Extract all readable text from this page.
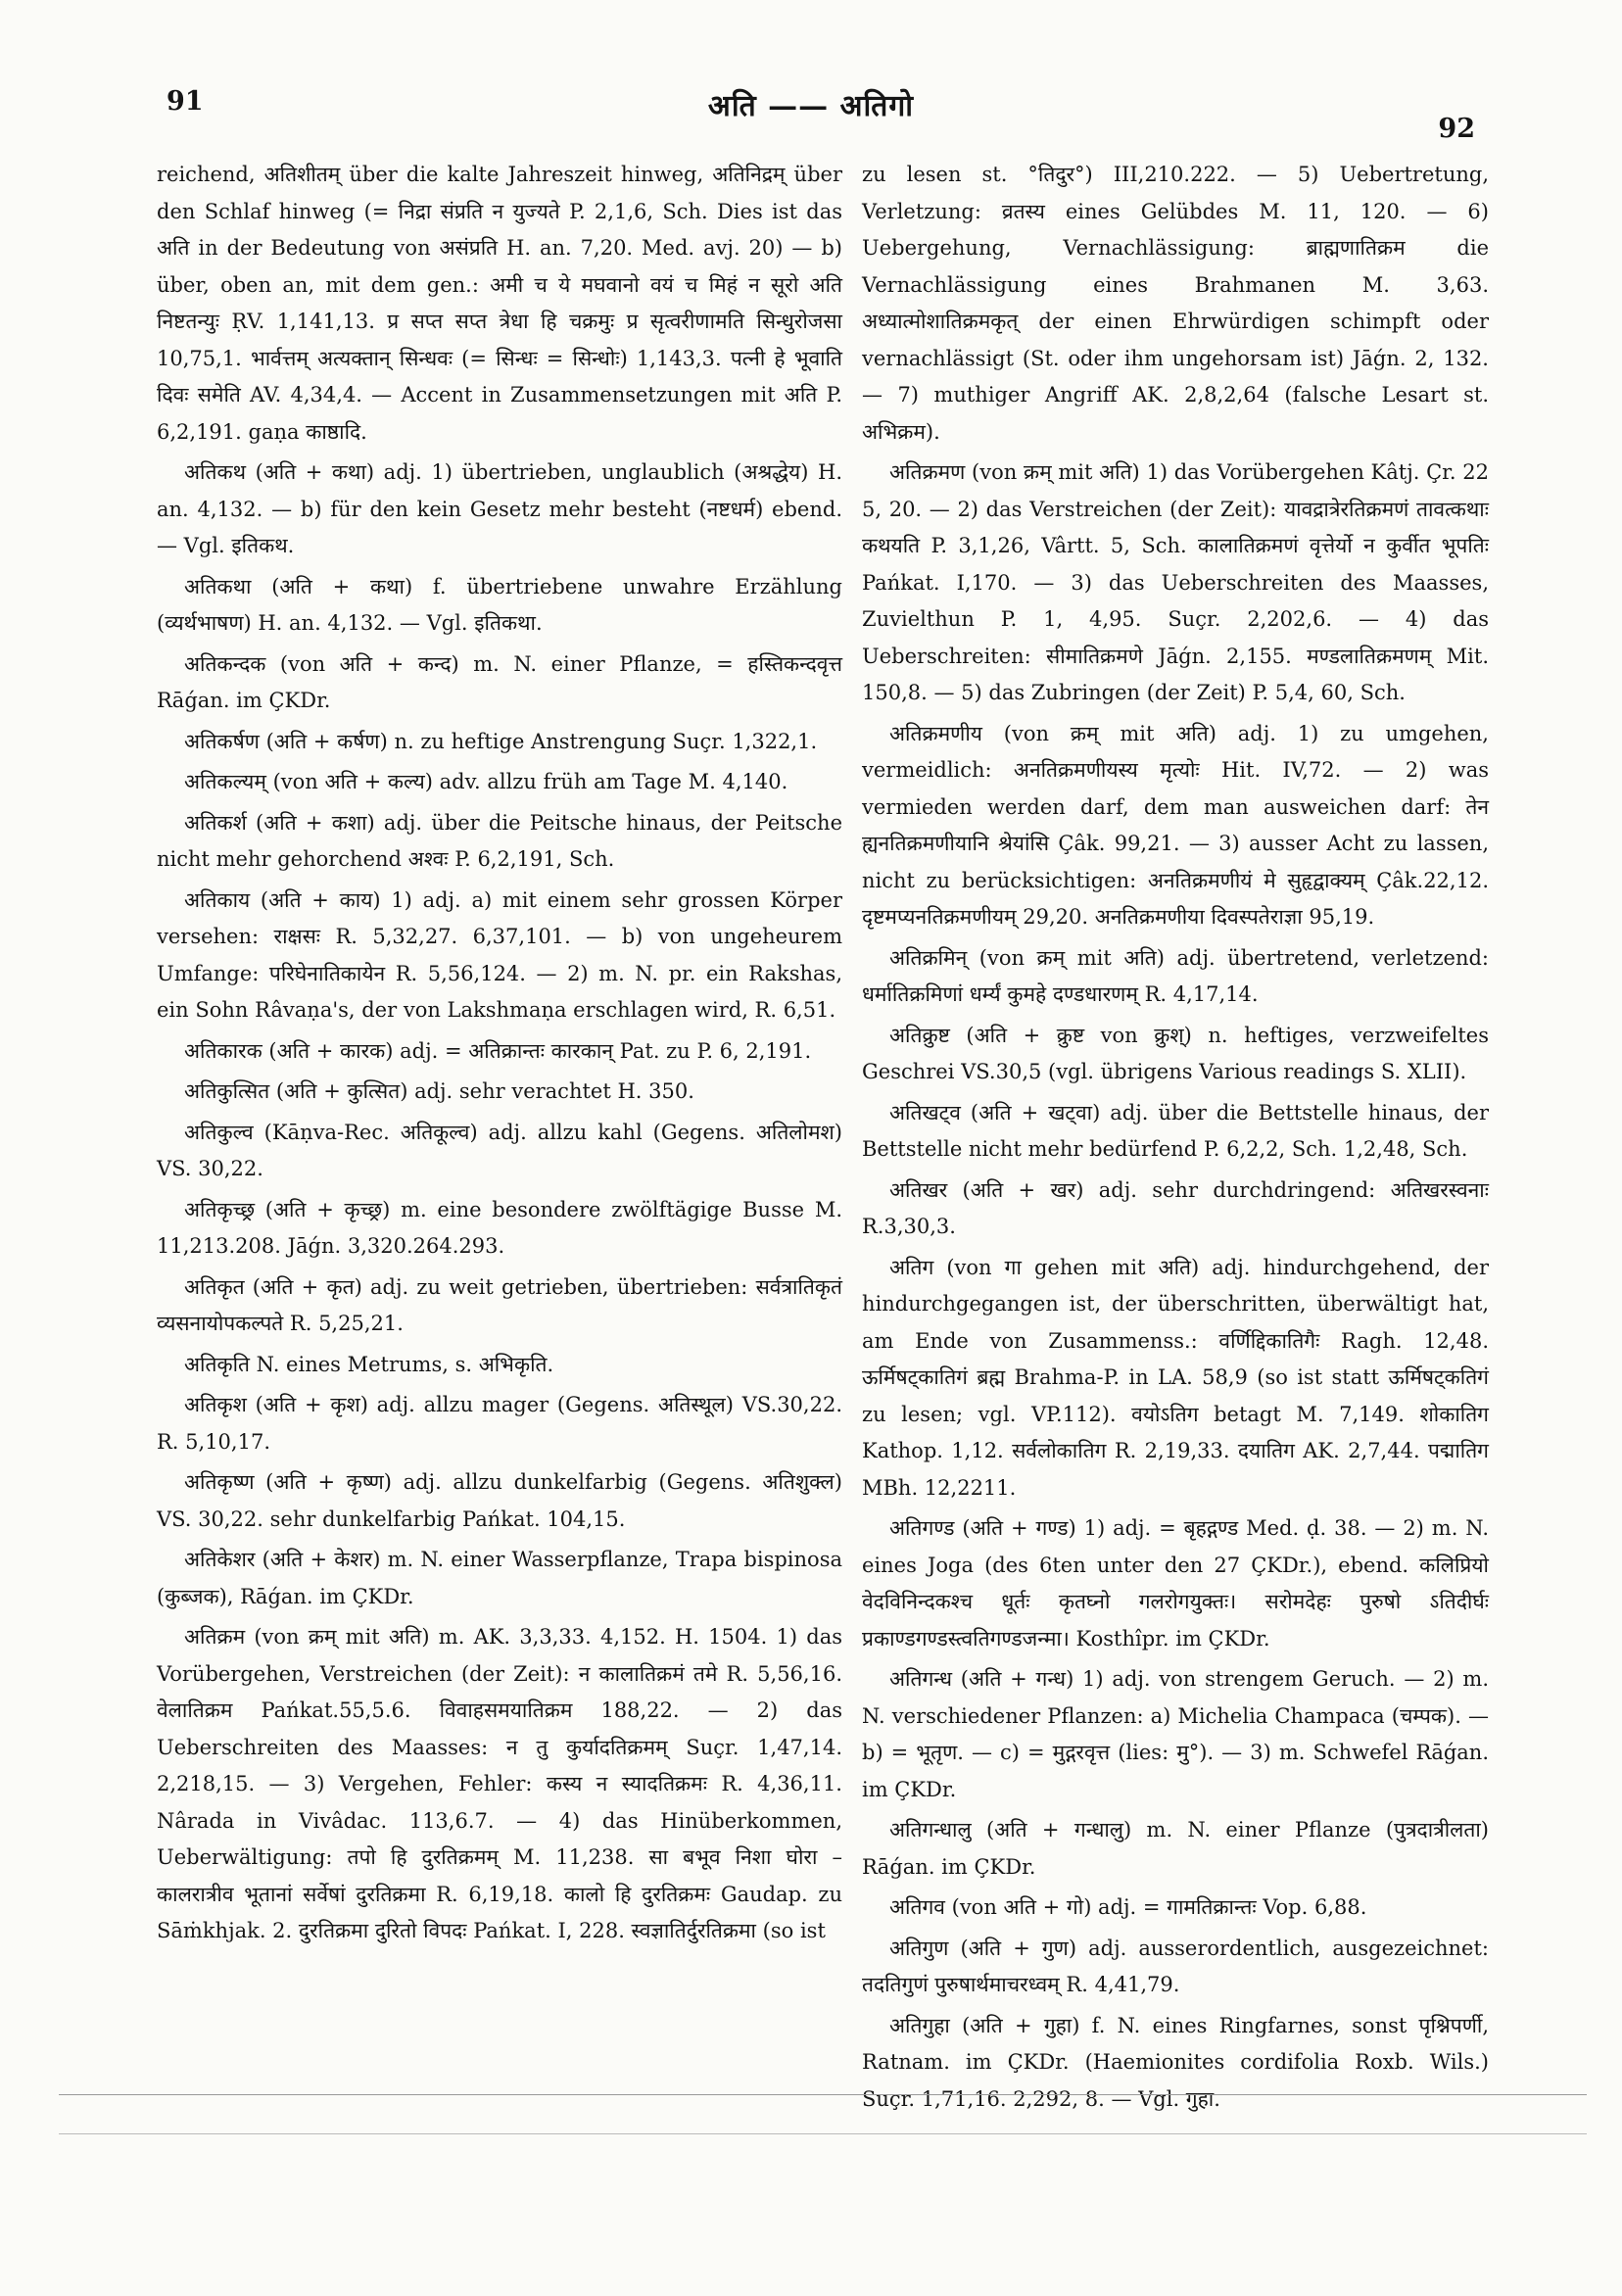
91	अति —— अतिगो
92

reichend, अतिशीतम् über die kalte Jahreszeit hinweg, अतिनिद्रम् über den Schlaf hinweg (= निद्रा संप्रति न युज्यते P. 2,1,6, Sch. Dies ist das अति in der Bedeutung von असंप्रति H. an. 7,20. Med. avj. 20) — b) über, oben an, mit dem gen.: अमी च ये मघवानो वयं च मिहं न सूरो अति निष्टतन्युः ṚV. 1,141,13. प्र सप्त सप्त त्रेधा हि चक्रमुः प्र सृत्वरीणामति सिन्धुरोजसा 10,75,1. भार्वत्तम् अत्यक्तान् सिन्धवः (= सिन्धः = सिन्धोः) 1,143,3. पत्नी हे भूवाति दिवः समेति AV. 4,34,4. — Accent in Zusammensetzungen mit अति P. 6,2,191. gaṇa काष्ठादि.

अतिकथ (अति + कथा) adj. 1) übertrieben, unglaublich (अश्रद्धेय) H. an. 4,132. — b) für den kein Gesetz mehr besteht (नष्टधर्म) ebend. — Vgl. इतिकथ.

अतिकथा (अति + कथा) f. übertriebene unwahre Erzählung (व्यर्थभाषण) H. an. 4,132. — Vgl. इतिकथा.

अतिकन्दक (von अति + कन्द) m. N. einer Pflanze, = हस्तिकन्दवृत्त Rāǵan. im ÇKDr.

अतिकर्षण (अति + कर्षण) n. zu heftige Anstrengung Suçr. 1,322,1.

अतिकल्यम् (von अति + कल्य) adv. allzu früh am Tage M. 4,140.

अतिकर्श (अति + कशा) adj. über die Peitsche hinaus, der Peitsche nicht mehr gehorchend अश्वः P. 6,2,191, Sch.

अतिकाय (अति + काय) 1) adj. a) mit einem sehr grossen Körper versehen: राक्षसः R. 5,32,27. 6,37,101. — b) von ungeheurem Umfange: परिघेनातिकायेन R. 5,56,124. — 2) m. N. pr. ein Rakshas, ein Sohn Râvaṇa's, der von Lakshmaṇa erschlagen wird, R. 6,51.

अतिकारक (अति + कारक) adj. = अतिक्रान्तः कारकान् Pat. zu P. 6, 2,191.

अतिकुत्सित (अति + कुत्सित) adj. sehr verachtet H. 350.

अतिकुल्व (Kāṇva-Rec. अतिकूल्व) adj. allzu kahl (Gegens. अतिलोमश) VS. 30,22.

अतिकृच्छ्र (अति + कृच्छ्र) m. eine besondere zwölftägige Busse M. 11,213.208. Jāǵn. 3,320.264.293.

अतिकृत (अति + कृत) adj. zu weit getrieben, übertrieben: सर्वत्रातिकृतं व्यसनायोपकल्पते R. 5,25,21.

अतिकृति N. eines Metrums, s. अभिकृति.

अतिकृश (अति + कृश) adj. allzu mager (Gegens. अतिस्थूल) VS.30,22. R. 5,10,17.

अतिकृष्ण (अति + कृष्ण) adj. allzu dunkelfarbig (Gegens. अतिशुक्ल) VS. 30,22. sehr dunkelfarbig Pańkat. 104,15.

अतिकेशर (अति + केशर) m. N. einer Wasserpflanze, Trapa bispinosa (कुब्जक), Rāǵan. im ÇKDr.

अतिक्रम (von क्रम् mit अति) m. AK. 3,3,33. 4,152. H. 1504. 1) das Vorübergehen, Verstreichen (der Zeit): न कालातिक्रमं तमे R. 5,56,16. वेलातिक्रम Pańkat.55,5.6. विवाहसमयातिक्रम 188,22. — 2) das Ueberschreiten des Maasses: न तु कुर्यादतिक्रमम् Suçr. 1,47,14. 2,218,15. — 3) Vergehen, Fehler: कस्य न स्यादतिक्रमः R. 4,36,11. Nârada in Vivâdac. 113,6.7. — 4) das Hinüberkommen, Ueberwältigung: तपो हि दुरतिक्रमम् M. 11,238. सा बभूव निशा घोरा – कालरात्रीव भूतानां सर्वेषां दुरतिक्रमा R. 6,19,18. कालो हि दुरतिक्रमः Gaudap. zu Sāṁkhjak. 2. दुरतिक्रमा दुरितो विपदः Pańkat. I, 228. स्वज्ञातिर्दुरतिक्रमा (so ist

zu lesen st. °तिदुर°) III,210.222. — 5) Uebertretung, Verletzung: व्रतस्य eines Gelübdes M. 11, 120. — 6) Uebergehung, Vernachlässigung: ब्राह्मणातिक्रम die Vernachlässigung eines Brahmanen M. 3,63. अध्यात्मोशातिक्रमकृत् der einen Ehrwürdigen schimpft oder vernachlässigt (St. oder ihm ungehorsam ist) Jāǵn. 2, 132. — 7) muthiger Angriff AK. 2,8,2,64 (falsche Lesart st. अभिक्रम).

अतिक्रमण (von क्रम् mit अति) 1) das Vorübergehen Kâtj. Çr. 22 5, 20. — 2) das Verstreichen (der Zeit): यावद्रात्रेरतिक्रमणं तावत्कथाः कथयति P. 3,1,26, Vârtt. 5, Sch. कालातिक्रमणं वृत्तेर्यो न कुर्वीत भूपतिः Pańkat. I,170. — 3) das Ueberschreiten des Maasses, Zuvielthun P. 1, 4,95. Suçr. 2,202,6. — 4) das Ueberschreiten: सीमातिक्रमणे Jāǵn. 2,155. मण्डलातिक्रमणम् Mit. 150,8. — 5) das Zubringen (der Zeit) P. 5,4, 60, Sch.

अतिक्रमणीय (von क्रम् mit अति) adj. 1) zu umgehen, vermeidlich: अनतिक्रमणीयस्य मृत्योः Hit. IV,72. — 2) was vermieden werden darf, dem man ausweichen darf: तेन ह्यनतिक्रमणीयानि श्रेयांसि Çâk. 99,21. — 3) ausser Acht zu lassen, nicht zu berücksichtigen: अनतिक्रमणीयं मे सुहृद्वाक्यम् Çâk.22,12. दृष्टमप्यनतिक्रमणीयम् 29,20. अनतिक्रमणीया दिवस्पतेराज्ञा 95,19.

अतिक्रमिन् (von क्रम् mit अति) adj. übertretend, verletzend: धर्मातिक्रमिणां धर्म्यं कुमहे दण्डधारणम् R. 4,17,14.

अतिक्रुष्ट (अति + क्रुष्ट von क्रुश्) n. heftiges, verzweifeltes Geschrei VS.30,5 (vgl. übrigens Various readings S. XLII).

अतिखट्व (अति + खट्वा) adj. über die Bettstelle hinaus, der Bettstelle nicht mehr bedürfend P. 6,2,2, Sch. 1,2,48, Sch.

अतिखर (अति + खर) adj. sehr durchdringend: अतिखरस्वनाः R.3,30,3.

अतिग (von गा gehen mit अति) adj. hindurchgehend, der hindurchgegangen ist, der überschritten, überwältigt hat, am Ende von Zusammenss.: वर्णिद्दिकातिगैः Ragh. 12,48. ऊर्मिषट्कातिगं ब्रह्म Brahma-P. in LA. 58,9 (so ist statt ऊर्मिषट्कतिगं zu lesen; vgl. VP.112). वयोऽतिग betagt M. 7,149. शोकातिग Kathop. 1,12. सर्वलोकातिग R. 2,19,33. दयातिग AK. 2,7,44. पद्मातिग MBh. 12,2211.

अतिगण्ड (अति + गण्ड) 1) adj. = बृहद्गण्ड Med. ḍ. 38. — 2) m. N. eines Joga (des 6ten unter den 27 ÇKDr.), ebend. कलिप्रियो वेदविनिन्दकश्च धूर्तः कृतघ्नो गलरोगयुक्तः। सरोमदेहः पुरुषो ऽतिदीर्घः प्रकाण्डगण्डस्त्वतिगण्डजन्मा। Kosthîpr. im ÇKDr.

अतिगन्ध (अति + गन्ध) 1) adj. von strengem Geruch. — 2) m. N. verschiedener Pflanzen: a) Michelia Champaca (चम्पक). — b) = भूतृण. — c) = मुद्गरवृत्त (lies: मु°). — 3) m. Schwefel Rāǵan. im ÇKDr.

अतिगन्धालु (अति + गन्धालु) m. N. einer Pflanze (पुत्रदात्रीलता) Rāǵan. im ÇKDr.

अतिगव (von अति + गो) adj. = गामतिक्रान्तः Vop. 6,88.

अतिगुण (अति + गुण) adj. ausserordentlich, ausgezeichnet: तदतिगुणं पुरुषार्थमाचरध्वम् R. 4,41,79.

अतिगुहा (अति + गुहा) f. N. eines Ringfarnes, sonst पृश्निपर्णी, Ratnam. im ÇKDr. (Haemionites cordifolia Roxb. Wils.) Suçr. 1,71,16. 2,292, 8. — Vgl. गुहा.
